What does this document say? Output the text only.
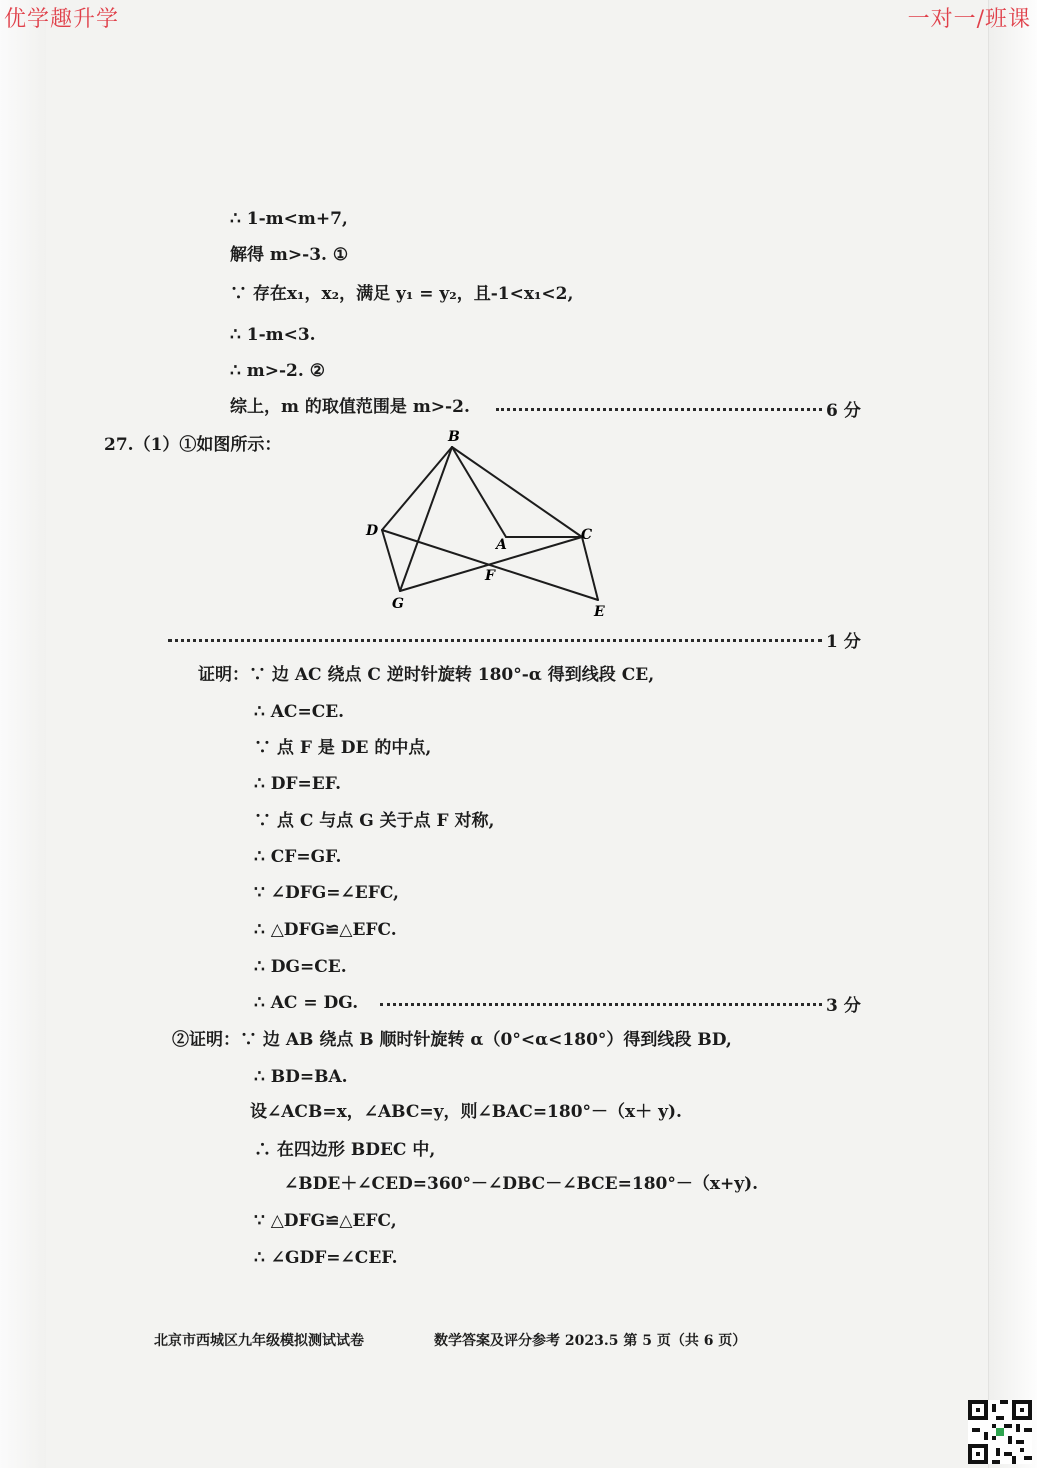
优学趣升学	一对一/班课
∴ 1-m<m+7,
解得 m>-3. ①
∵ 存在x₁，x₂，满足 y₁ = y₂，且-1<x₁<2,
∴ 1-m<3.
∴ m>-2. ②
综上，m 的取值范围是 m>-2.	6 分
27.（1）①如图所示：	B
D
A
C
F
G	E
1 分
证明：∵ 边 AC 绕点 C 逆时针旋转 180°-α 得到线段 CE,
∴ AC=CE.
∵ 点 F 是 DE 的中点,
∴ DF=EF.
∵ 点 C 与点 G 关于点 F 对称,
∴ CF=GF.
∵ ∠DFG=∠EFC,
∴ △DFG≌△EFC.
∴ DG=CE.
∴ AC = DG.	3 分
②证明：∵ 边 AB 绕点 B 顺时针旋转 α（0°<α<180°）得到线段 BD,
∴ BD=BA.
设∠ACB=x，∠ABC=y，则∠BAC=180°－（x＋ y).
∴ 在四边形 BDEC 中,
∠BDE＋∠CED=360°－∠DBC－∠BCE=180°－（x+y).
∵ △DFG≌△EFC,
∴ ∠GDF=∠CEF.
北京市西城区九年级模拟测试试卷	数学答案及评分参考 2023.5 第 5 页（共 6 页）
